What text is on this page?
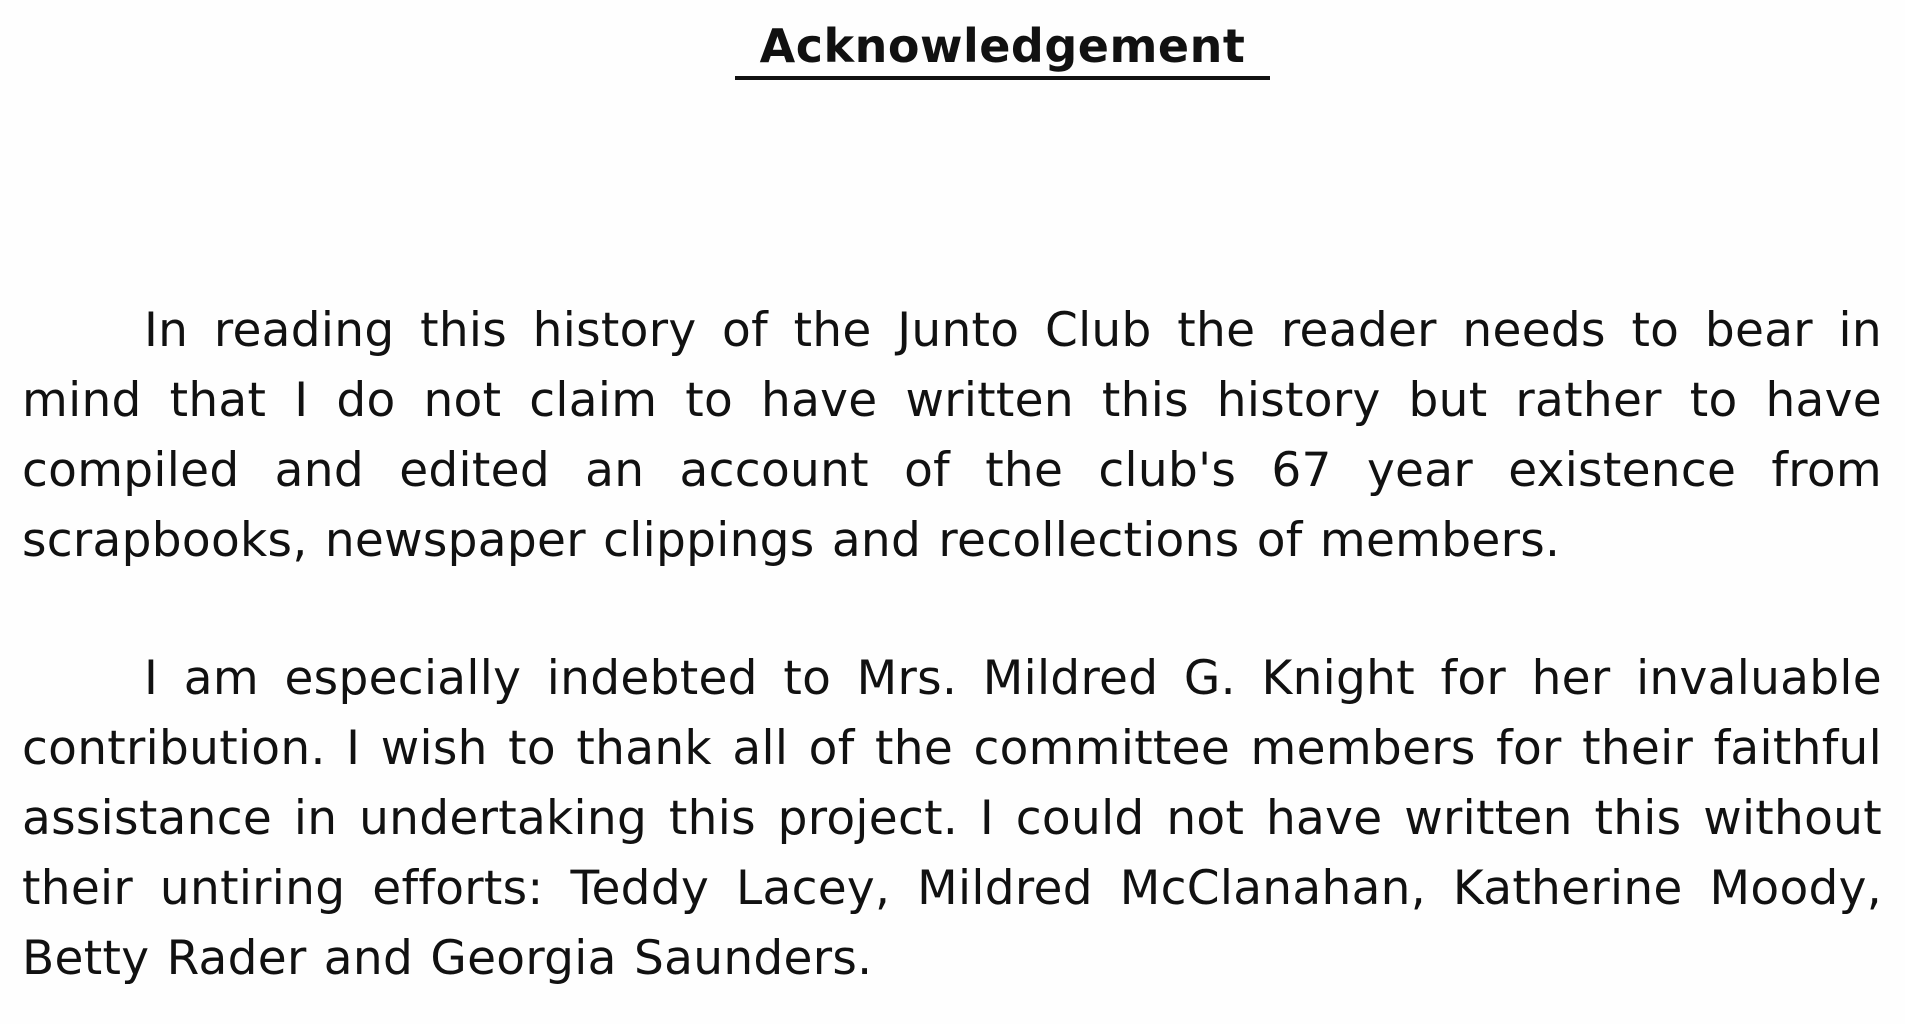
Acknowledgement

In reading this history of the Junto Club the reader needs to bear in mind that I do not claim to have written this history but rather to have compiled and edited an account of the club's 67 year existence from scrapbooks, newspaper clippings and recollections of members.

I am especially indebted to Mrs. Mildred G. Knight for her invaluable contribution. I wish to thank all of the committee members for their faithful assistance in undertaking this project. I could not have written this without their untiring efforts: Teddy Lacey, Mildred McClanahan, Katherine Moody, Betty Rader and Georgia Saunders.
